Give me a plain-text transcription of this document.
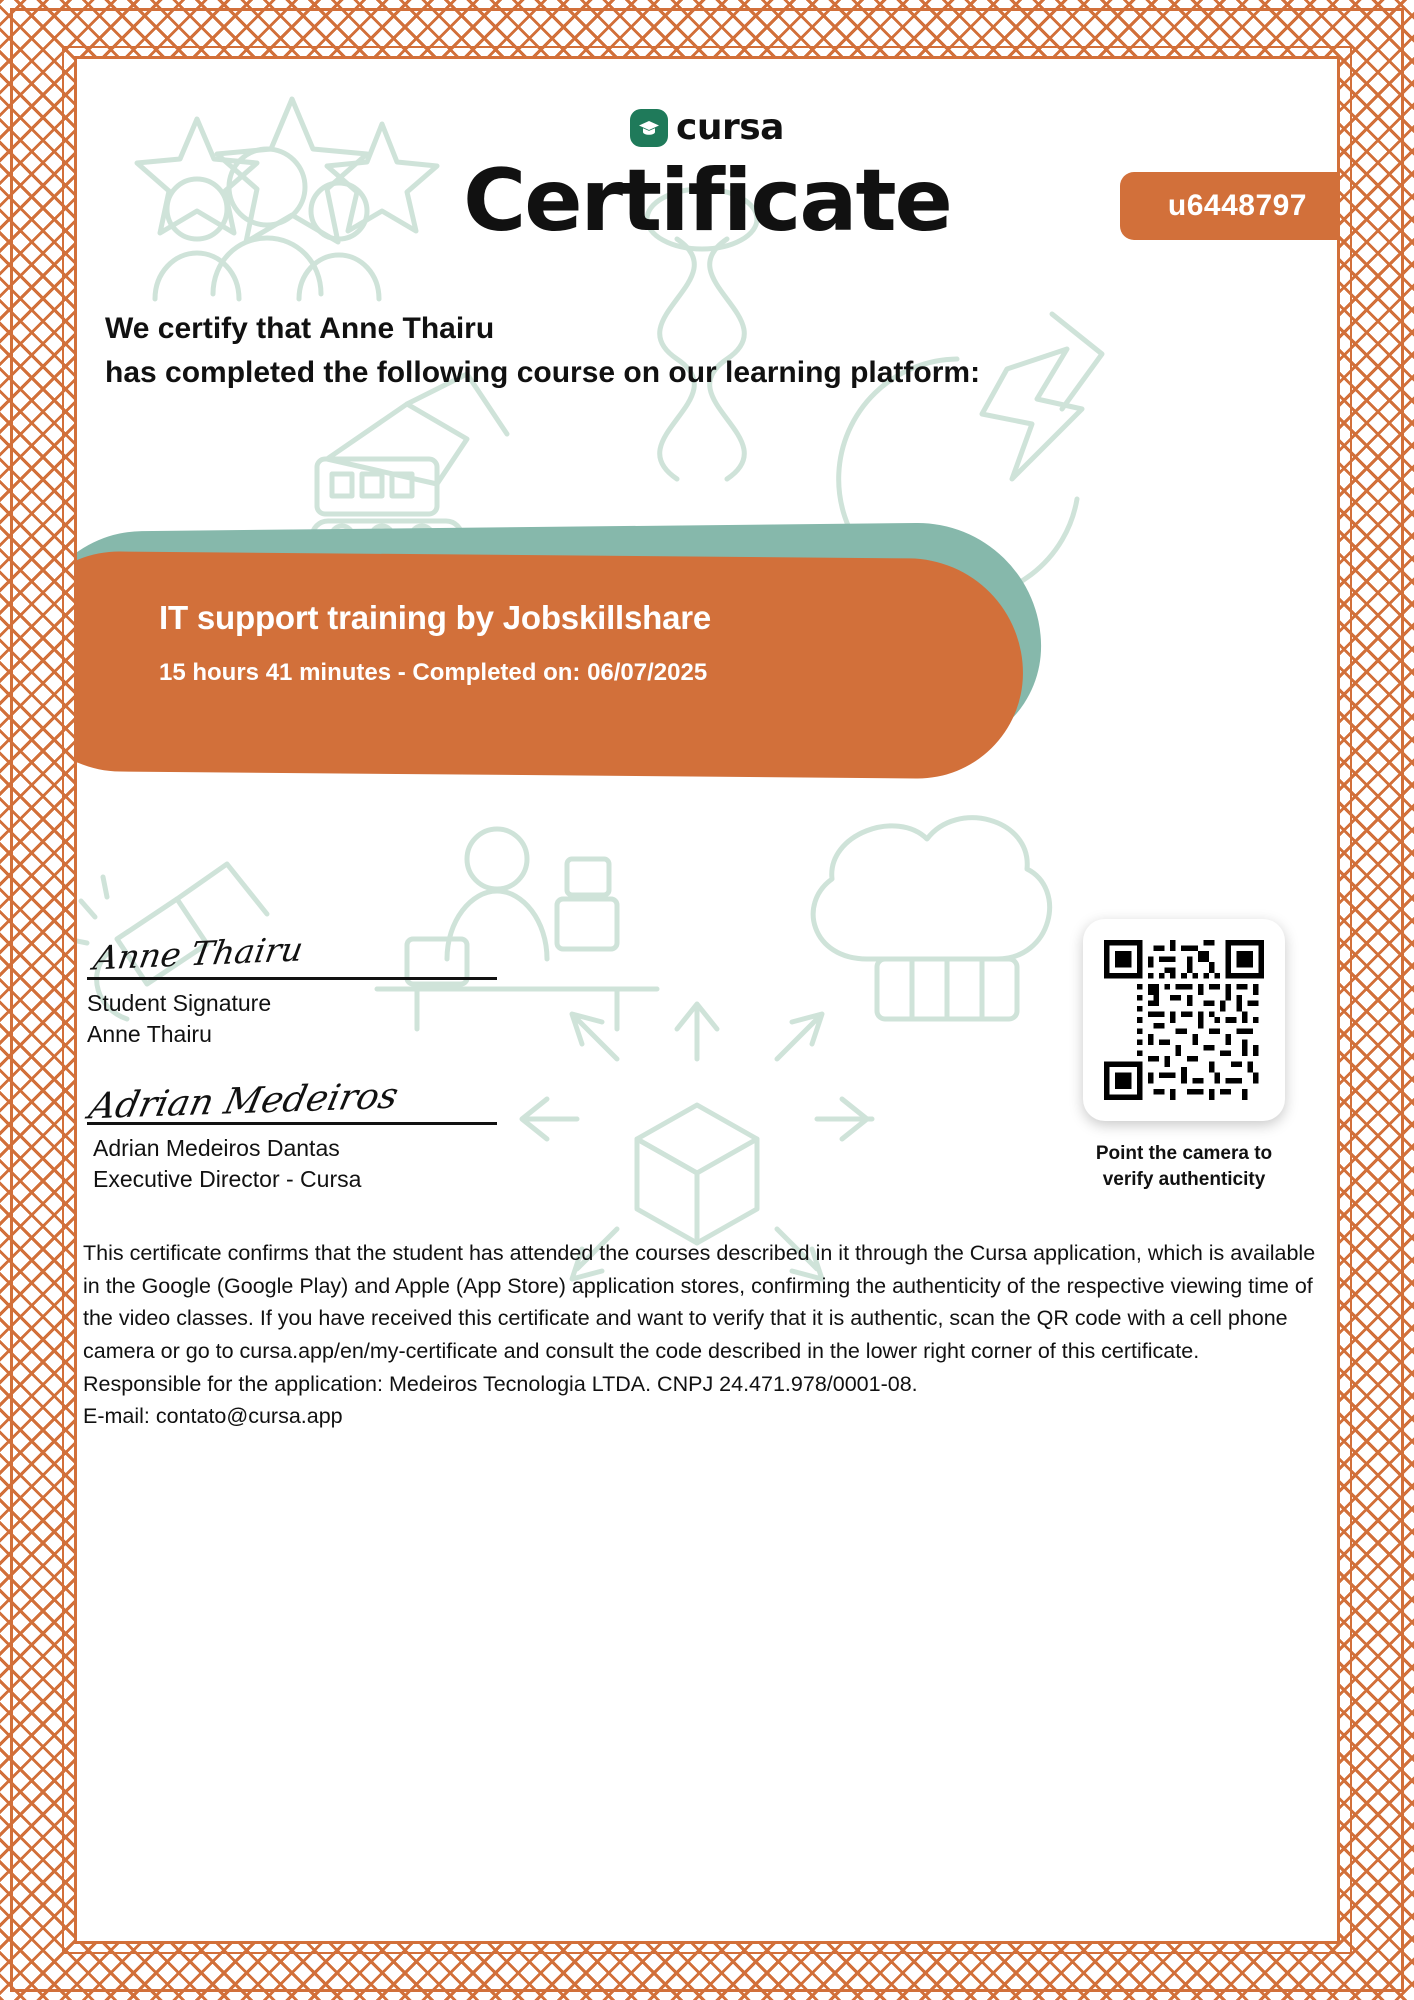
cursa
Certificate	u6448797
We certify that Anne Thairu
has completed the following course on our learning platform:
IT support training by Jobskillshare
15 hours 41 minutes - Completed on: 06/07/2025
Anne Thairu
Student Signature
Anne Thairu
Adrian Medeiros
Adrian Medeiros Dantas
Executive Director - Cursa
Point the camera to
verify authenticity
This certificate confirms that the student has attended the courses described in it through the Cursa application, which is available in the Google (Google Play) and Apple (App Store) application stores, confirming the authenticity of the respective viewing time of the video classes. If you have received this certificate and want to verify that it is authentic, scan the QR code with a cell phone camera or go to cursa.app/en/my-certificate and consult the code described in the lower right corner of this certificate. Responsible for the application: Medeiros Tecnologia LTDA. CNPJ 24.471.978/0001-08.
E-mail: contato@cursa.app
